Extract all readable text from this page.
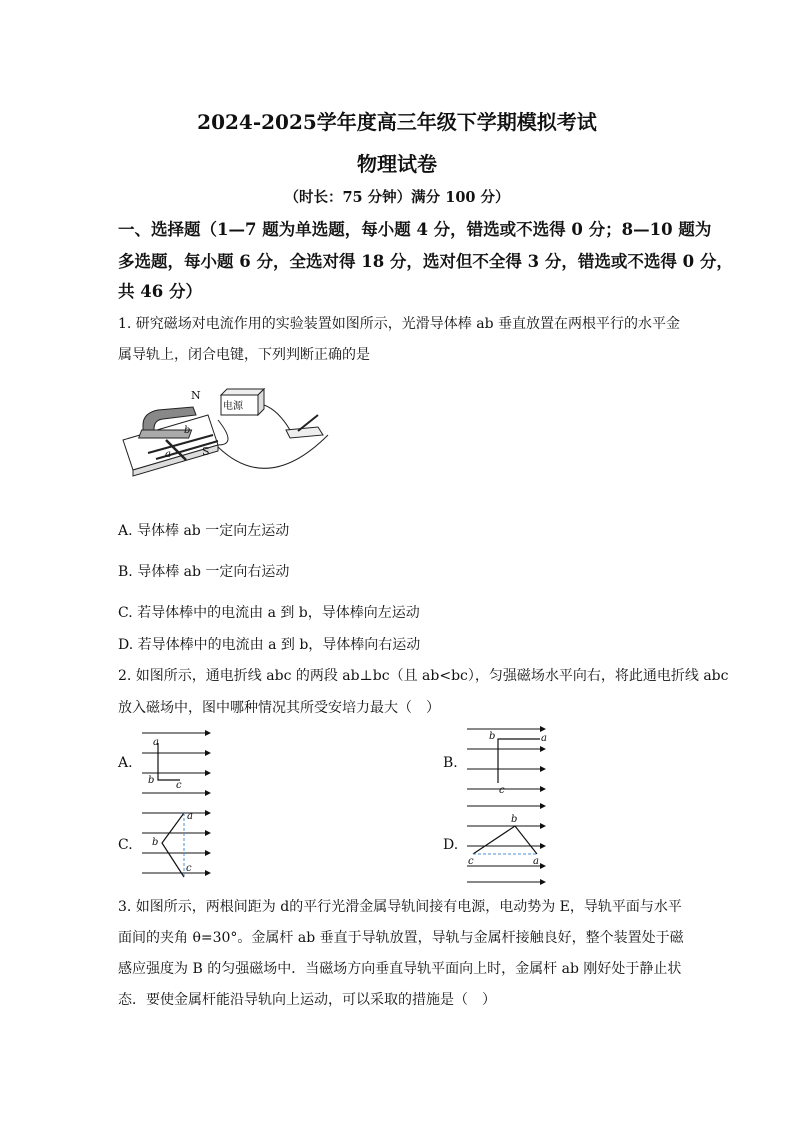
2024-2025学年度高三年级下学期模拟考试
物理试卷
（时长：75 分钟）满分 100 分）
一、选择题（1—7 题为单选题，每小题 4 分，错选或不选得 0 分；8—10 题为
多选题，每小题 6 分，全选对得 18 分，选对但不全得 3 分，错选或不选得 0 分，
共 46 分）
1. 研究磁场对电流作用的实验装置如图所示，光滑导体棒 ab 垂直放置在两根平行的水平金
属导轨上，闭合电键，下列判断正确的是
N
S
a
b
电源
A. 导体棒 ab 一定向左运动
B. 导体棒 ab 一定向右运动
C. 若导体棒中的电流由 a 到 b，导体棒向左运动
D. 若导体棒中的电流由 a 到 b，导体棒向右运动
2. 如图所示，通电折线 abc 的两段 ab⊥bc（且 ab<bc），匀强磁场水平向右，将此通电折线 abc
放入磁场中，图中哪种情况其所受安培力最大（　）
A.
a
b c
B.
a
b
c
C.
a
b
c
D.
c
b
a
3. 如图所示，两根间距为 d的平行光滑金属导轨间接有电源，电动势为 E，导轨平面与水平
面间的夹角 θ=30°。金属杆 ab 垂直于导轨放置，导轨与金属杆接触良好，整个装置处于磁
感应强度为 B 的匀强磁场中．当磁场方向垂直导轨平面向上时，金属杆 ab 刚好处于静止状
态．要使金属杆能沿导轨向上运动，可以采取的措施是（　）
